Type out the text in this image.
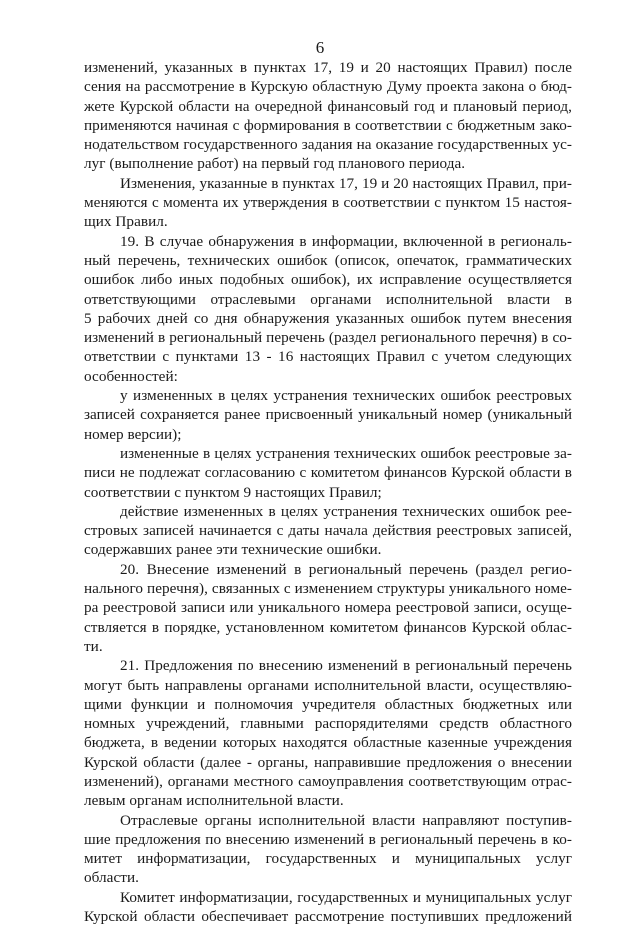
6
изменений, указанных в пунктах 17, 19 и 20 настоящих Правил) после
сения на рассмотрение в Курскую областную Думу проекта закона о бюд-
жете Курской области на очередной финансовый год и плановый период,
применяются начиная с формирования в соответствии с бюджетным зако-
нодательством государственного задания на оказание государственных ус-
луг (выполнение работ) на первый год планового периода.
Изменения, указанные в пунктах 17, 19 и 20 настоящих Правил, при-
меняются с момента их утверждения в соответствии с пунктом 15 настоя-
щих Правил.
19. В случае обнаружения в информации, включенной в региональ-
ный перечень, технических ошибок (описок, опечаток, грамматических
ошибок либо иных подобных ошибок), их исправление осуществляется
ответствующими отраслевыми органами исполнительной власти в
5 рабочих дней со дня обнаружения указанных ошибок путем внесения
изменений в региональный перечень (раздел регионального перечня) в со-
ответствии с пунктами 13 - 16 настоящих Правил с учетом следующих
особенностей:
у измененных в целях устранения технических ошибок реестровых
записей сохраняется ранее присвоенный уникальный номер (уникальный
номер версии);
измененные в целях устранения технических ошибок реестровые за-
писи не подлежат согласованию с комитетом финансов Курской области в
соответствии с пунктом 9 настоящих Правил;
действие измененных в целях устранения технических ошибок рее-
стровых записей начинается с даты начала действия реестровых записей,
содержавших ранее эти технические ошибки.
20. Внесение изменений в региональный перечень (раздел регио-
нального перечня), связанных с изменением структуры уникального номе-
ра реестровой записи или уникального номера реестровой записи, осуще-
ствляется в порядке, установленном комитетом финансов Курской облас-
ти.
21. Предложения по внесению изменений в региональный перечень
могут быть направлены органами исполнительной власти, осуществляю-
щими функции и полномочия учредителя областных бюджетных или
номных учреждений, главными распорядителями средств областного
бюджета, в ведении которых находятся областные казенные учреждения
Курской области (далее - органы, направившие предложения о внесении
изменений), органами местного самоуправления соответствующим отрас-
левым органам исполнительной власти.
Отраслевые органы исполнительной власти направляют поступив-
шие предложения по внесению изменений в региональный перечень в ко-
митет информатизации, государственных и муниципальных услуг
области.
Комитет информатизации, государственных и муниципальных услуг
Курской области обеспечивает рассмотрение поступивших предложений
